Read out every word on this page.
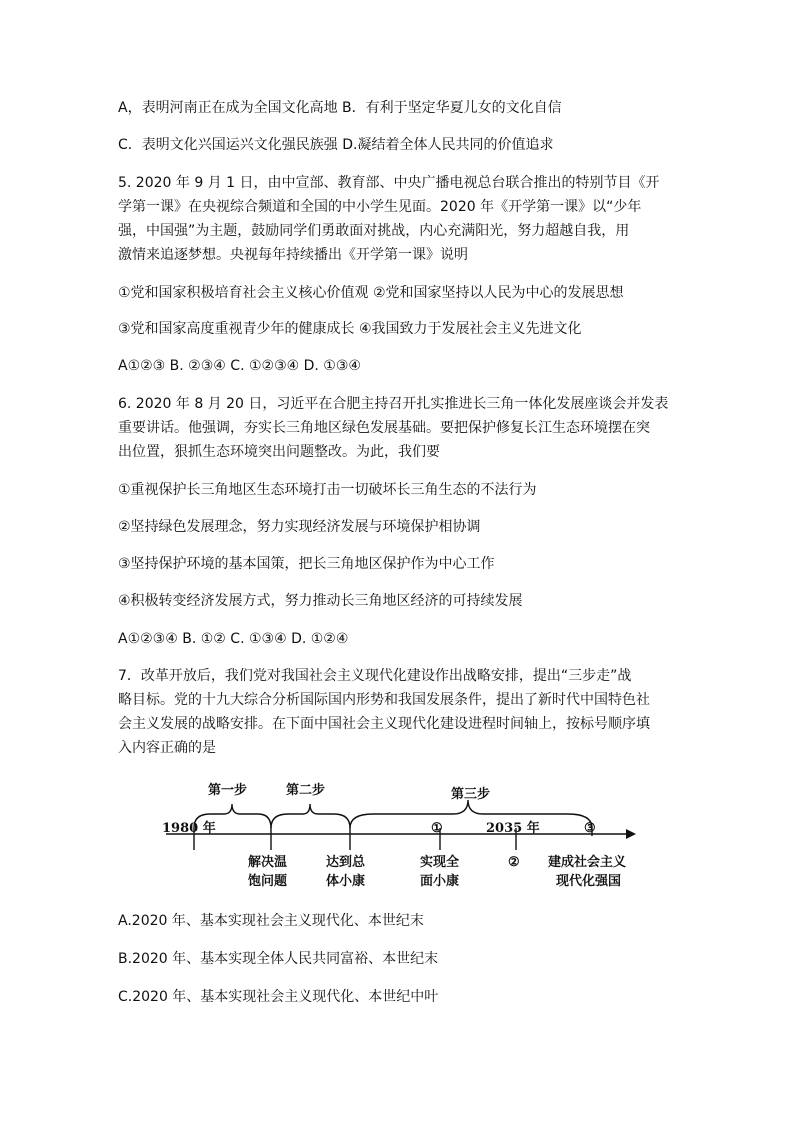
A，表明河南正在成为全国文化高地 B．有利于坚定华夏儿女的文化自信
C．表明文化兴国运兴文化强民族强 D.凝结着全体人民共同的价值追求
5. 2020 年 9 月 1 日，由中宣部、教育部、中央广播电视总台联合推出的特别节目《开
学第一课》在央视综合频道和全国的中小学生见面。2020 年《开学第一课》以“少年
强，中国强”为主题，鼓励同学们勇敢面对挑战，内心充满阳光，努力超越自我，用
激情来追逐梦想。央视每年持续播出《开学第一课》说明
①党和国家积极培育社会主义核心价值观 ②党和国家坚持以人民为中心的发展思想
③党和国家高度重视青少年的健康成长 ④我国致力于发展社会主义先进文化
A①②③ B. ②③④ C. ①②③④ D. ①③④
6. 2020 年 8 月 20 日，习近平在合肥主持召开扎实推进长三角一体化发展座谈会并发表
重要讲话。他强调，夯实长三角地区绿色发展基础。要把保护修复长江生态环境摆在突
出位置，狠抓生态环境突出问题整改。为此，我们要
①重视保护长三角地区生态环境打击一切破坏长三角生态的不法行为
②坚持绿色发展理念，努力实现经济发展与环境保护相协调
③坚持保护环境的基本国策，把长三角地区保护作为中心工作
④积极转变经济发展方式，努力推动长三角地区经济的可持续发展
A①②③④ B. ①② C. ①③④ D. ①②④
7．改革开放后，我们党对我国社会主义现代化建设作出战略安排，提出“三步走”战
略目标。党的十九大综合分析国际国内形势和我国发展条件，提出了新时代中国特色社
会主义发展的战略安排。在下面中国社会主义现代化建设进程时间轴上，按标号顺序填
入内容正确的是
第一步	第二步	第三步
1980 年	2035 年
①	③
②
解决温
饱问题
达到总
体小康
实现全
面小康
建成社会主义
现代化强国
A.2020 年、基本实现社会主义现代化、本世纪末
B.2020 年、基本实现全体人民共同富裕、本世纪末
C.2020 年、基本实现社会主义现代化、本世纪中叶
